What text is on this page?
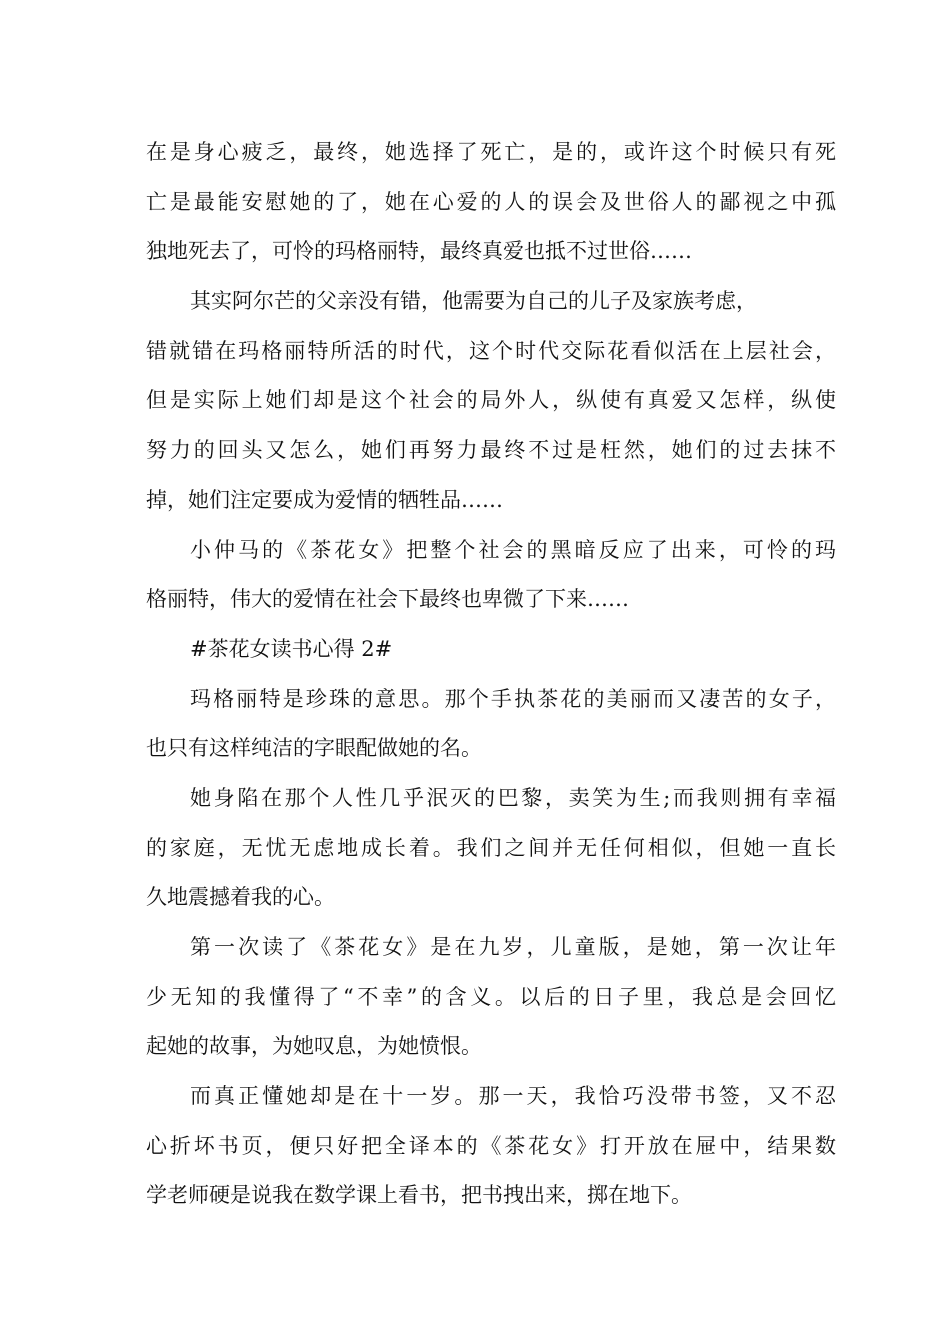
在是身心疲乏，最终，她选择了死亡，是的，或许这个时候只有死
亡是最能安慰她的了，她在心爱的人的误会及世俗人的鄙视之中孤
独地死去了，可怜的玛格丽特，最终真爱也抵不过世俗……
其实阿尔芒的父亲没有错，他需要为自己的儿子及家族考虑，
错就错在玛格丽特所活的时代，这个时代交际花看似活在上层社会，
但是实际上她们却是这个社会的局外人，纵使有真爱又怎样，纵使
努力的回头又怎么，她们再努力最终不过是枉然，她们的过去抹不
掉，她们注定要成为爱情的牺牲品……
小仲马的《茶花女》把整个社会的黑暗反应了出来，可怜的玛
格丽特，伟大的爱情在社会下最终也卑微了下来……
#茶花女读书心得 2#
玛格丽特是珍珠的意思。那个手执茶花的美丽而又凄苦的女子，
也只有这样纯洁的字眼配做她的名。
她身陷在那个人性几乎泯灭的巴黎，卖笑为生;而我则拥有幸福
的家庭，无忧无虑地成长着。我们之间并无任何相似，但她一直长
久地震撼着我的心。
第一次读了《茶花女》是在九岁，儿童版，是她，第一次让年
少无知的我懂得了“不幸”的含义。以后的日子里，我总是会回忆
起她的故事，为她叹息，为她愤恨。
而真正懂她却是在十一岁。那一天，我恰巧没带书签，又不忍
心折坏书页，便只好把全译本的《茶花女》打开放在屉中，结果数
学老师硬是说我在数学课上看书，把书拽出来，掷在地下。
